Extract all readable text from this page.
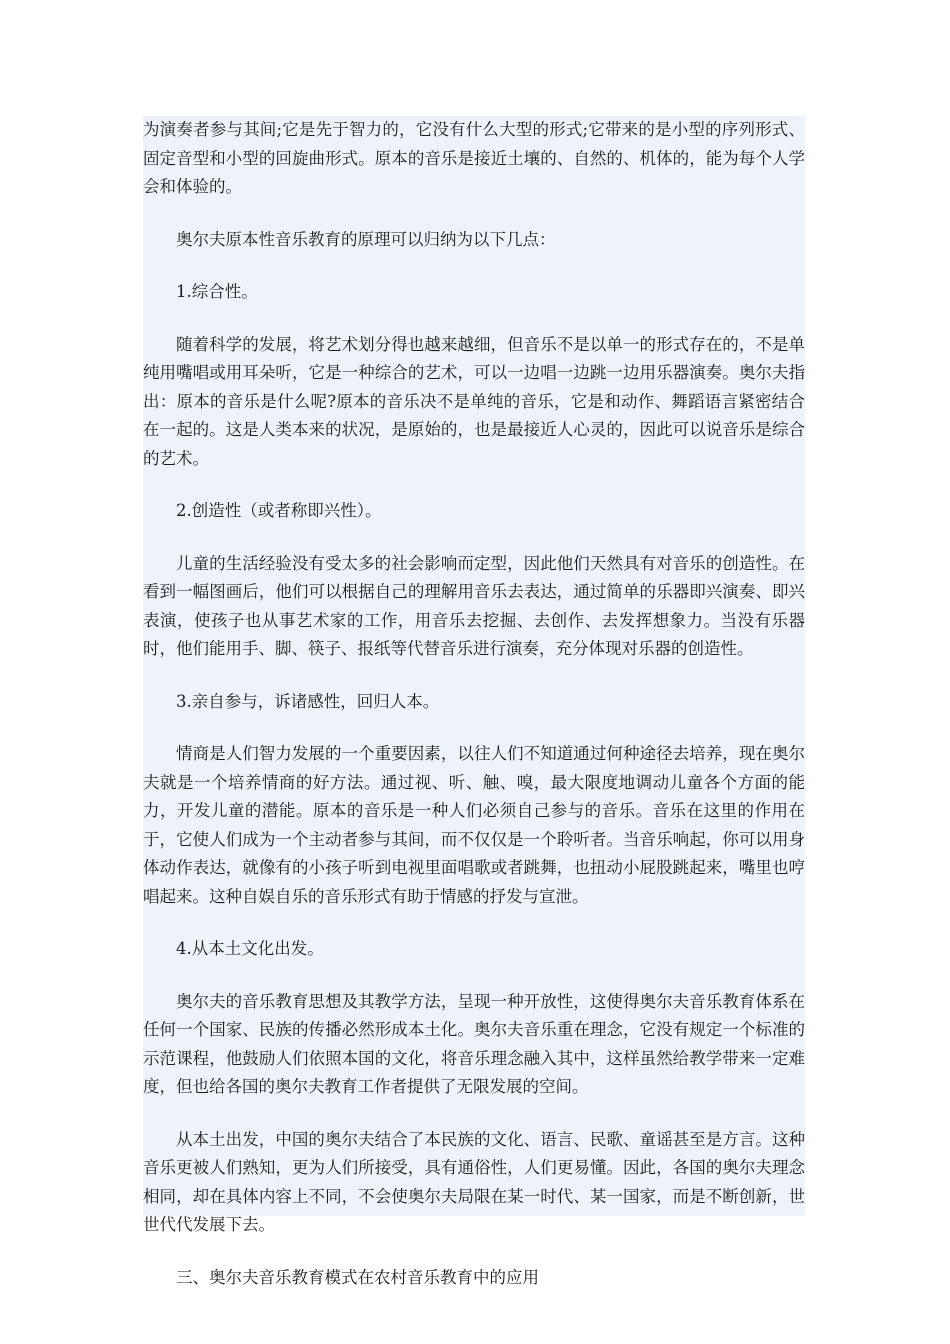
为演奏者参与其间;它是先于智力的，它没有什么大型的形式;它带来的是小型的序列形式、固定音型和小型的回旋曲形式。原本的音乐是接近土壤的、自然的、机体的，能为每个人学会和体验的。

奥尔夫原本性音乐教育的原理可以归纳为以下几点：

1.综合性。

随着科学的发展，将艺术划分得也越来越细，但音乐不是以单一的形式存在的，不是单纯用嘴唱或用耳朵听，它是一种综合的艺术，可以一边唱一边跳一边用乐器演奏。奥尔夫指出：原本的音乐是什么呢?原本的音乐决不是单纯的音乐，它是和动作、舞蹈语言紧密结合在一起的。这是人类本来的状况，是原始的，也是最接近人心灵的，因此可以说音乐是综合的艺术。

2.创造性（或者称即兴性）。

儿童的生活经验没有受太多的社会影响而定型，因此他们天然具有对音乐的创造性。在看到一幅图画后，他们可以根据自己的理解用音乐去表达，通过简单的乐器即兴演奏、即兴表演，使孩子也从事艺术家的工作，用音乐去挖掘、去创作、去发挥想象力。当没有乐器时，他们能用手、脚、筷子、报纸等代替音乐进行演奏，充分体现对乐器的创造性。

3.亲自参与，诉诸感性，回归人本。

情商是人们智力发展的一个重要因素，以往人们不知道通过何种途径去培养，现在奥尔夫就是一个培养情商的好方法。通过视、听、触、嗅，最大限度地调动儿童各个方面的能力，开发儿童的潜能。原本的音乐是一种人们必须自己参与的音乐。音乐在这里的作用在于，它使人们成为一个主动者参与其间，而不仅仅是一个聆听者。当音乐响起，你可以用身体动作表达，就像有的小孩子听到电视里面唱歌或者跳舞，也扭动小屁股跳起来，嘴里也哼唱起来。这种自娱自乐的音乐形式有助于情感的抒发与宣泄。

4.从本土文化出发。

奥尔夫的音乐教育思想及其教学方法，呈现一种开放性，这使得奥尔夫音乐教育体系在任何一个国家、民族的传播必然形成本土化。奥尔夫音乐重在理念，它没有规定一个标准的示范课程，他鼓励人们依照本国的文化，将音乐理念融入其中，这样虽然给教学带来一定难度，但也给各国的奥尔夫教育工作者提供了无限发展的空间。

从本土出发，中国的奥尔夫结合了本民族的文化、语言、民歌、童谣甚至是方言。这种音乐更被人们熟知，更为人们所接受，具有通俗性，人们更易懂。因此，各国的奥尔夫理念相同，却在具体内容上不同，不会使奥尔夫局限在某一时代、某一国家，而是不断创新，世世代代发展下去。

三、奥尔夫音乐教育模式在农村音乐教育中的应用
